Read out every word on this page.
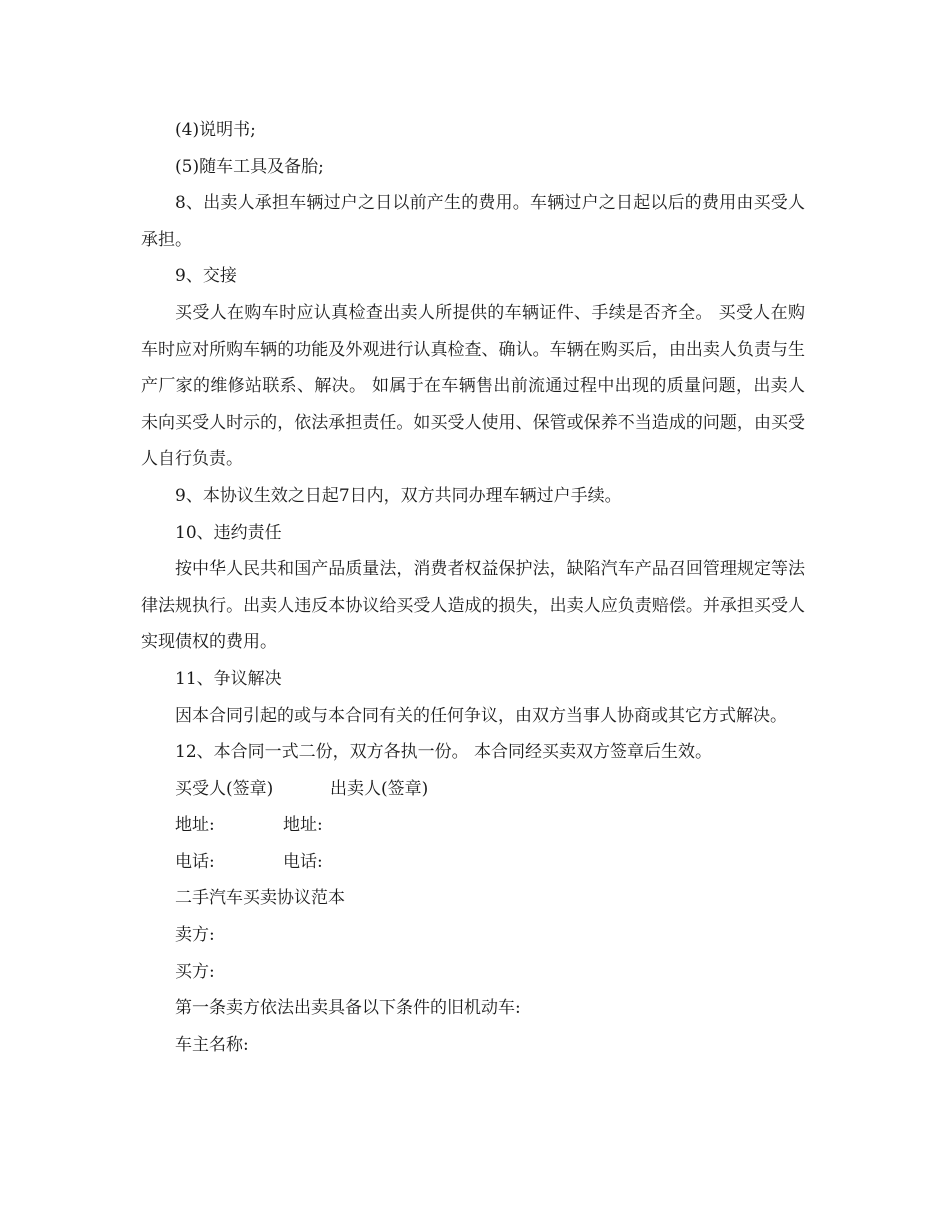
(4)说明书;

(5)随车工具及备胎;

8、出卖人承担车辆过户之日以前产生的费用。车辆过户之日起以后的费用由买受人承担。

9、交接

买受人在购车时应认真检查出卖人所提供的车辆证件、手续是否齐全。 买受人在购车时应对所购车辆的功能及外观进行认真检查、确认。车辆在购买后，由出卖人负责与生产厂家的维修站联系、解决。 如属于在车辆售出前流通过程中出现的质量问题，出卖人未向买受人时示的，依法承担责任。如买受人使用、保管或保养不当造成的问题，由买受人自行负责。

9、本协议生效之日起7日内，双方共同办理车辆过户手续。

10、违约责任

按中华人民共和国产品质量法，消费者权益保护法，缺陷汽车产品召回管理规定等法律法规执行。出卖人违反本协议给买受人造成的损失，出卖人应负责赔偿。并承担买受人实现债权的费用。

11、争议解决

因本合同引起的或与本合同有关的任何争议，由双方当事人协商或其它方式解决。

12、本合同一式二份，双方各执一份。 本合同经买卖双方签章后生效。

买受人(签章)	出卖人(签章)
地址:	地址:
电话:	电话:

二手汽车买卖协议范本

卖方:

买方:

第一条卖方依法出卖具备以下条件的旧机动车:

车主名称:
